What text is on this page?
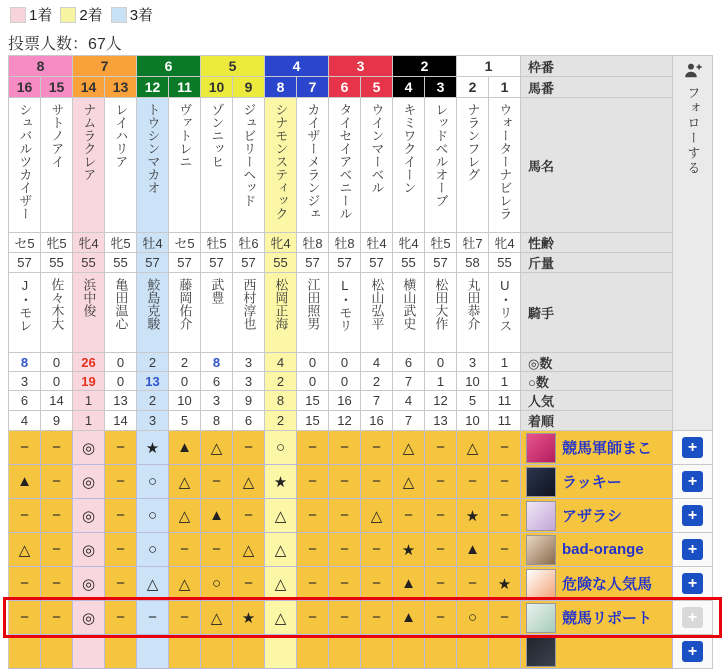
1着 2着 3着
投票人数：67人
8	7	6	5	4	3	2	1	枠番
16	15	14	13	12	11	10	9	8	7	6	5	4	3	2	1	馬番
シュバルツカイザー サトノアイ ナムラクレア レイハリア トウシンマカオ ヴァトレニ ゾンニッヒ ジュビリーヘッド シナモンスティック カイザーメランジェ タイセイアベニール ウインマーベル キミワクイーン レッドベルオーブ ナランフレグ ウォーターナビレラ	馬名
セ5 牝5 牝4 牝5 牡4 セ5 牡5 牡6 牝4 牡8 牡8 牡4 牝4 牡5 牡7 牝4	性齢
57	55	55	55	57	57	57	57	55	57	57	57	55	57	58	55	斤量
J・モレ 佐々木大 浜中俊 亀田温心 鮫島克駿 藤岡佑介 武豊 西村淳也 松岡正海 江田照男 L・モリ 松山弘平 横山武史 松田大作 丸田恭介 U・リス	騎手
8	0	26	0	2	2	8	3	4	0	0	4	6	0	3	1	◎数
3	0	19	0	13	0	6	3	2	0	0	2	7	1	10	1	○数
6	14	1	13	2	10	3	9	8	15	16	7	4	12	5	11	人気
4	9	1	14	3	5	8	6	2	15	12	16	7	13	10	11	着順
−	−	◎	−	★	▲	△	−	○	−	−	−	△	−	△	−	競馬軍師まこ	+
▲	−	◎	−	○	△	−	△	★	−	−	−	△	−	−	−	ラッキー	+
−	−	◎	−	○	△	▲	−	△	−	−	△	−	−	★	−	アザラシ	+
△	−	◎	−	○	−	−	△	△	−	−	−	★	−	▲	−	bad-orange	+
−	−	◎	−	△	△	○	−	△	−	−	−	▲	−	−	★	危険な人気馬	+
−	−	◎	−	−	−	△	★	△	−	−	−	▲	−	○	−	競馬リポート	+
+
フォローする
